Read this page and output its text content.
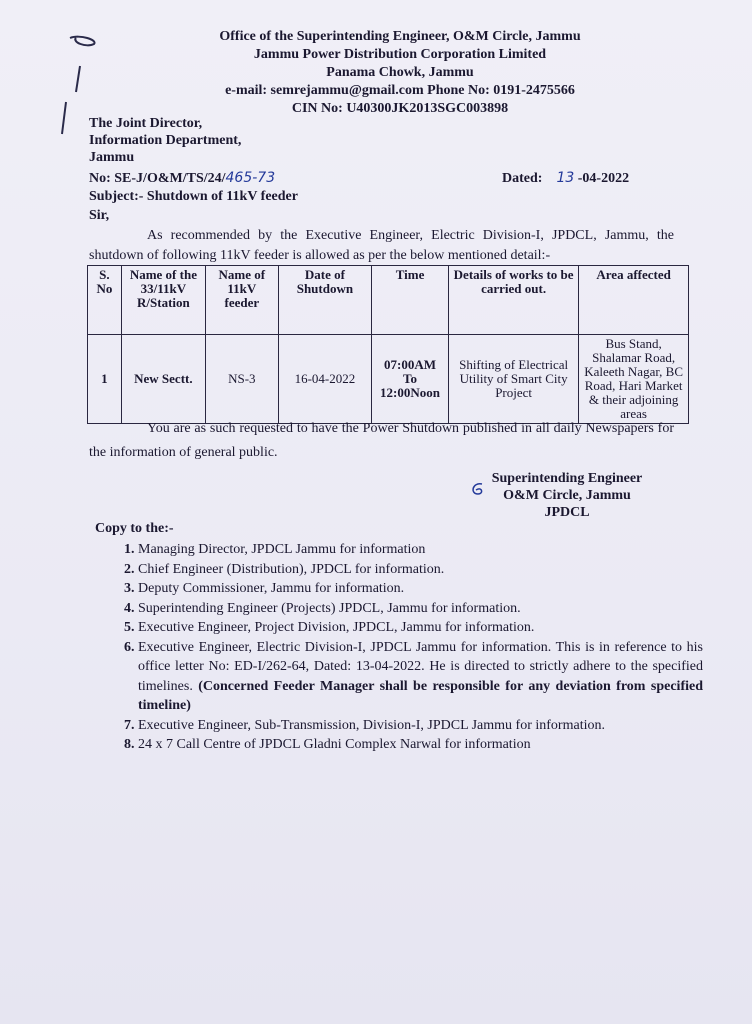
Office of the Superintending Engineer, O&M Circle, Jammu
Jammu Power Distribution Corporation Limited
Panama Chowk, Jammu
e-mail: semrejammu@gmail.com Phone No: 0191-2475566
CIN No: U40300JK2013SGC003898
The Joint Director,
Information Department,
Jammu
No: SE-J/O&M/TS/24/465-73	Dated: 13 -04-2022
Subject:- Shutdown of 11kV feeder
Sir,
As recommended by the Executive Engineer, Electric Division-I, JPDCL, Jammu, the shutdown of following 11kV feeder is allowed as per the below mentioned detail:-
S. No	Name of the 33/11kV R/Station	Name of 11kV feeder	Date of Shutdown	Time	Details of works to be carried out.	Area affected
1	New Sectt.	NS-3	16-04-2022	07:00AM
To
12:00Noon	Shifting of Electrical Utility of Smart City Project	Bus Stand, Shalamar Road, Kaleeth Nagar, BC Road, Hari Market & their adjoining areas
You are as such requested to have the Power Shutdown published in all daily Newspapers for the information of general public.
Superintending Engineer
O&M Circle, Jammu
JPDCL
Copy to the:-
1. Managing Director, JPDCL Jammu for information
2. Chief Engineer (Distribution), JPDCL for information.
3. Deputy Commissioner, Jammu for information.
4. Superintending Engineer (Projects) JPDCL, Jammu for information.
5. Executive Engineer, Project Division, JPDCL, Jammu for information.
6. Executive Engineer, Electric Division-I, JPDCL Jammu for information. This is in reference to his office letter No: ED-I/262-64, Dated: 13-04-2022. He is directed to strictly adhere to the specified timelines. (Concerned Feeder Manager shall be responsible for any deviation from specified timeline)
7. Executive Engineer, Sub-Transmission, Division-I, JPDCL Jammu for information.
8. 24 x 7 Call Centre of JPDCL Gladni Complex Narwal for information
